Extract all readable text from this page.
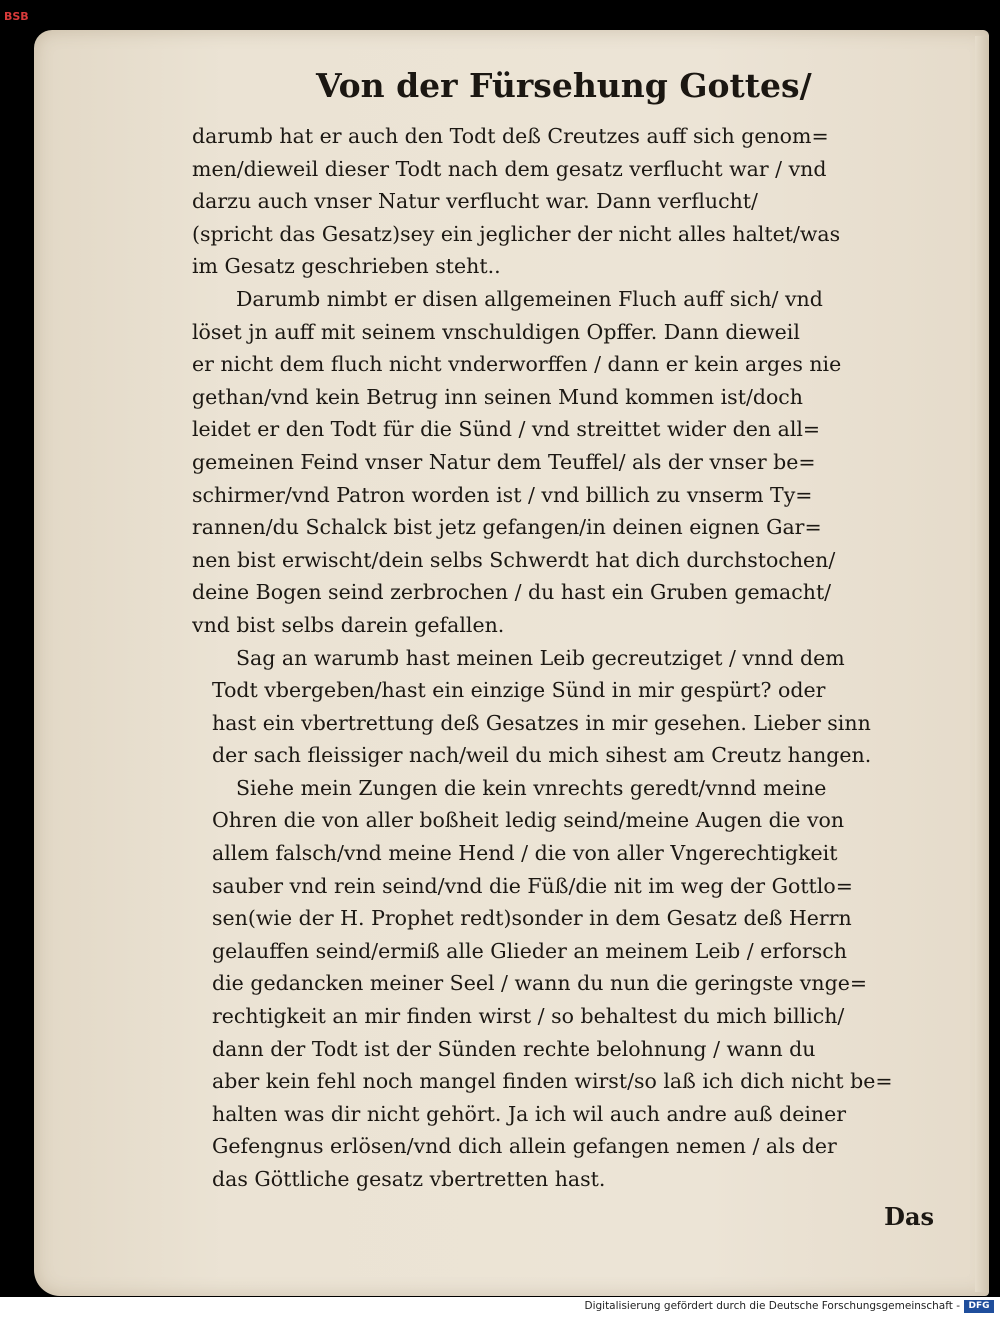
BSB
Von der Fürsehung Gottes/
darumb hat er auch den Todt deß Creutzes auff sich genom=
men/dieweil dieser Todt nach dem gesatz verflucht war / vnd
darzu auch vnser Natur verflucht war. Dann verflucht/
(spricht das Gesatz)sey ein jeglicher der nicht alles haltet/was
im Gesatz geschrieben steht..
Darumb nimbt er disen allgemeinen Fluch auff sich/ vnd
löset jn auff mit seinem vnschuldigen Opffer. Dann dieweil
er nicht dem fluch nicht vnderworffen / dann er kein arges nie
gethan/vnd kein Betrug inn seinen Mund kommen ist/doch
leidet er den Todt für die Sünd / vnd streittet wider den all=
gemeinen Feind vnser Natur dem Teuffel/ als der vnser be=
schirmer/vnd Patron worden ist / vnd billich zu vnserm Ty=
rannen/du Schalck bist jetz gefangen/in deinen eignen Gar=
nen bist erwischt/dein selbs Schwerdt hat dich durchstochen/
deine Bogen seind zerbrochen / du hast ein Gruben gemacht/
vnd bist selbs darein gefallen.
Sag an warumb hast meinen Leib gecreutziget / vnnd dem
Todt vbergeben/hast ein einzige Sünd in mir gespürt? oder
hast ein vbertrettung deß Gesatzes in mir gesehen. Lieber sinn
der sach fleissiger nach/weil du mich sihest am Creutz hangen.
Siehe mein Zungen die kein vnrechts geredt/vnnd meine
Ohren die von aller boßheit ledig seind/meine Augen die von
allem falsch/vnd meine Hend / die von aller Vngerechtigkeit
sauber vnd rein seind/vnd die Füß/die nit im weg der Gottlo=
sen(wie der H. Prophet redt)sonder in dem Gesatz deß Herrn
gelauffen seind/ermiß alle Glieder an meinem Leib / erforsch
die gedancken meiner Seel / wann du nun die geringste vnge=
rechtigkeit an mir finden wirst / so behaltest du mich billich/
dann der Todt ist der Sünden rechte belohnung / wann du
aber kein fehl noch mangel finden wirst/so laß ich dich nicht be=
halten was dir nicht gehört. Ja ich wil auch andre auß deiner
Gefengnus erlösen/vnd dich allein gefangen nemen / als der
das Göttliche gesatz vbertretten hast.
Das
Digitalisierung gefördert durch die Deutsche Forschungsgemeinschaft - DFG
